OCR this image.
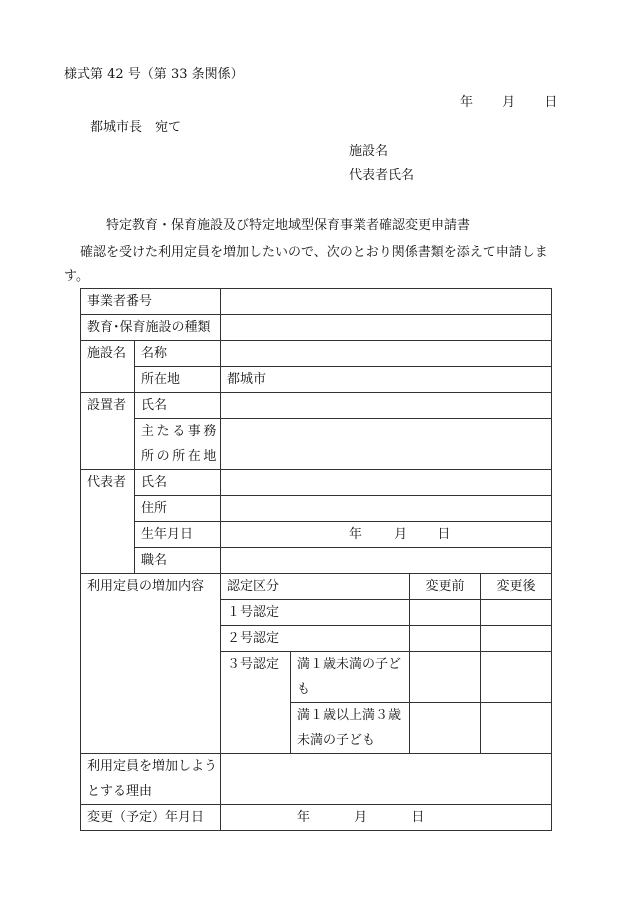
様式第 42 号（第 33 条関係）
年 月 日
都城市長　宛て
施設名
代表者氏名
特定教育・保育施設及び特定地域型保育事業者確認変更申請書
確認を受けた利用定員を増加したいので、次のとおり関係書類を添えて申請しま
す。
事業者番号					
教育･保育施設の種類					
施設名	名称				
	所在地	都城市			
設置者	氏名				
	主たる事務所の所在地				
代表者	氏名				
	住所				
	生年月日	年 月 日			
	職名				
利用定員の増加内容		認定区分		変更前	変更後
		１号認定			
		２号認定			
		３号認定	満１歳未満の子ども		
			満１歳以上満３歳未満の子ども		

利用定員を増加しようとする理由					
変更（予定）年月日		年 月 日			
